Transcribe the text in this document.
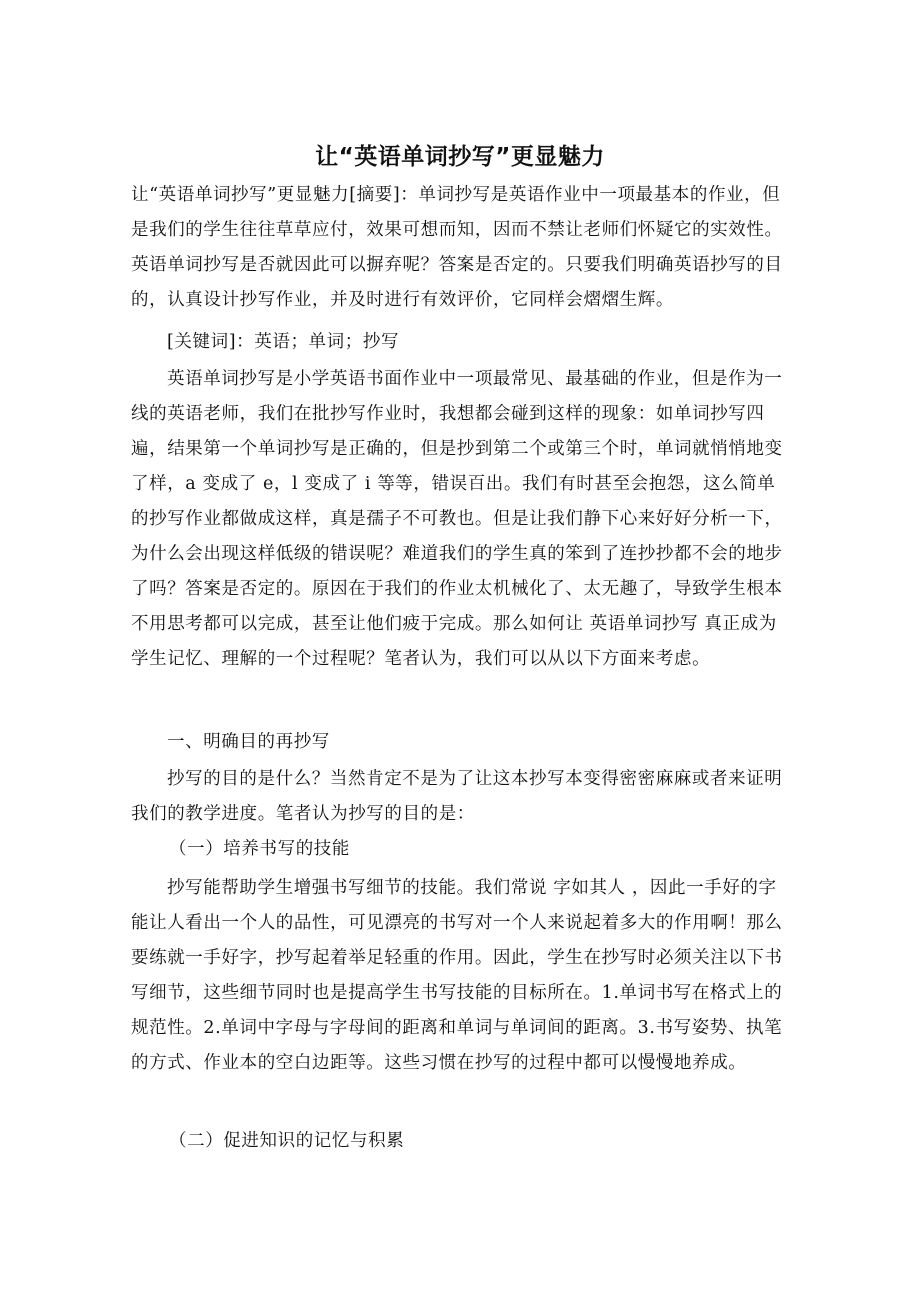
让“英语单词抄写”更显魅力

让“英语单词抄写”更显魅力[摘要]：单词抄写是英语作业中一项最基本的作业，但是我们的学生往往草草应付，效果可想而知，因而不禁让老师们怀疑它的实效性。英语单词抄写是否就因此可以摒弃呢？答案是否定的。只要我们明确英语抄写的目的，认真设计抄写作业，并及时进行有效评价，它同样会熠熠生辉。

[关键词]：英语；单词；抄写

英语单词抄写是小学英语书面作业中一项最常见、最基础的作业，但是作为一线的英语老师，我们在批抄写作业时，我想都会碰到这样的现象：如单词抄写四遍，结果第一个单词抄写是正确的，但是抄到第二个或第三个时，单词就悄悄地变了样，a 变成了 e，l 变成了 i 等等，错误百出。我们有时甚至会抱怨，这么简单的抄写作业都做成这样，真是孺子不可教也。但是让我们静下心来好好分析一下，为什么会出现这样低级的错误呢？难道我们的学生真的笨到了连抄抄都不会的地步了吗？答案是否定的。原因在于我们的作业太机械化了、太无趣了，导致学生根本不用思考都可以完成，甚至让他们疲于完成。那么如何让 英语单词抄写 真正成为学生记忆、理解的一个过程呢？笔者认为，我们可以从以下方面来考虑。

一、明确目的再抄写

抄写的目的是什么？当然肯定不是为了让这本抄写本变得密密麻麻或者来证明我们的教学进度。笔者认为抄写的目的是：

（一）培养书写的技能

抄写能帮助学生增强书写细节的技能。我们常说 字如其人 ，因此一手好的字能让人看出一个人的品性，可见漂亮的书写对一个人来说起着多大的作用啊！那么要练就一手好字，抄写起着举足轻重的作用。因此，学生在抄写时必须关注以下书写细节，这些细节同时也是提高学生书写技能的目标所在。1.单词书写在格式上的规范性。2.单词中字母与字母间的距离和单词与单词间的距离。3.书写姿势、执笔的方式、作业本的空白边距等。这些习惯在抄写的过程中都可以慢慢地养成。

（二）促进知识的记忆与积累
